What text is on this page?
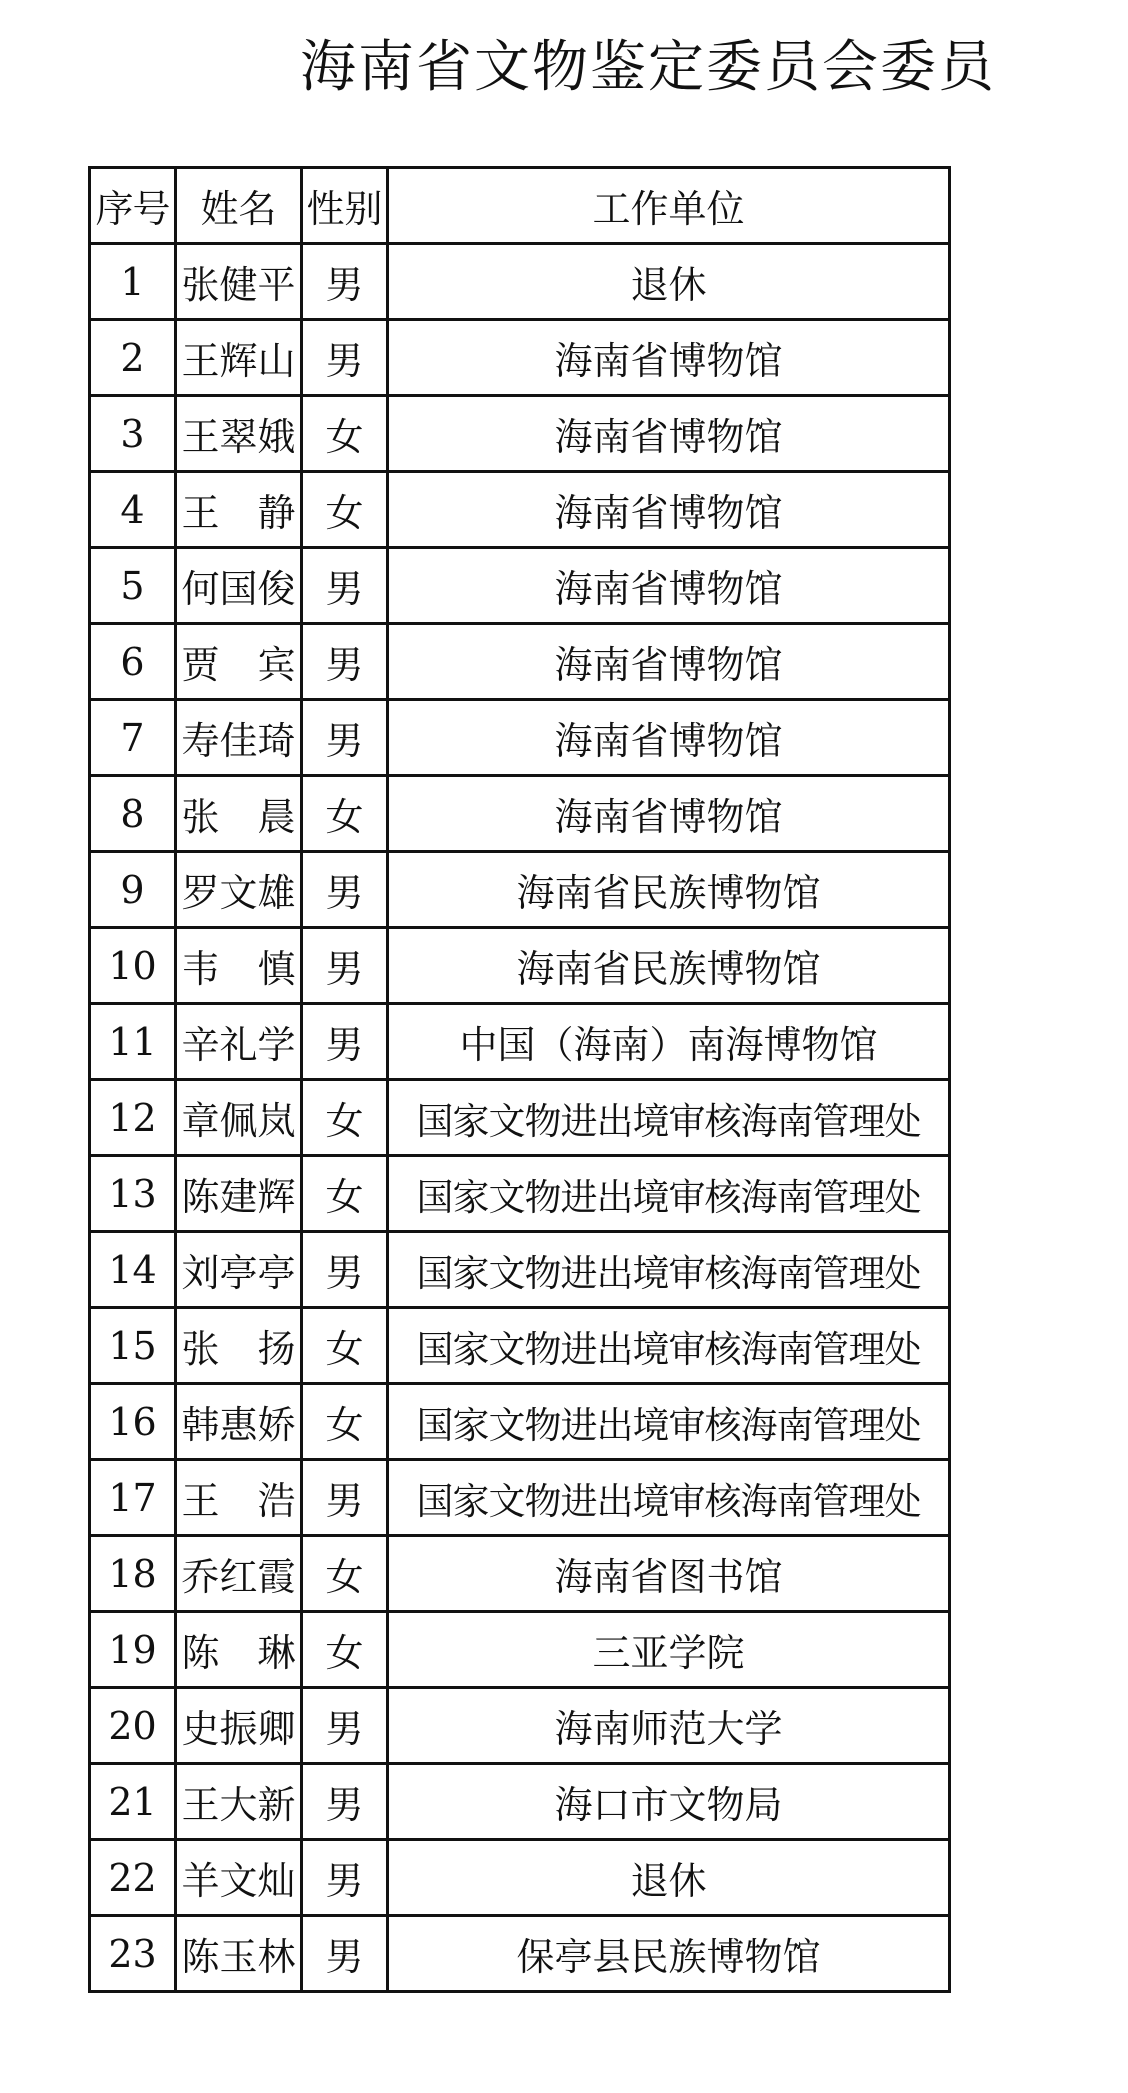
海南省文物鉴定委员会委员
序号	姓名	性别	工作单位
1	张健平	男	退休
2	王辉山	男	海南省博物馆
3	王翠娥	女	海南省博物馆
4	王　静	女	海南省博物馆
5	何国俊	男	海南省博物馆
6	贾　宾	男	海南省博物馆
7	寿佳琦	男	海南省博物馆
8	张　晨	女	海南省博物馆
9	罗文雄	男	海南省民族博物馆
10	韦　慎	男	海南省民族博物馆
11	辛礼学	男	中国（海南）南海博物馆
12	章佩岚	女	国家文物进出境审核海南管理处
13	陈建辉	女	国家文物进出境审核海南管理处
14	刘亭亭	男	国家文物进出境审核海南管理处
15	张　扬	女	国家文物进出境审核海南管理处
16	韩惠娇	女	国家文物进出境审核海南管理处
17	王　浩	男	国家文物进出境审核海南管理处
18	乔红霞	女	海南省图书馆
19	陈　琳	女	三亚学院
20	史振卿	男	海南师范大学
21	王大新	男	海口市文物局
22	羊文灿	男	退休
23	陈玉林	男	保亭县民族博物馆
